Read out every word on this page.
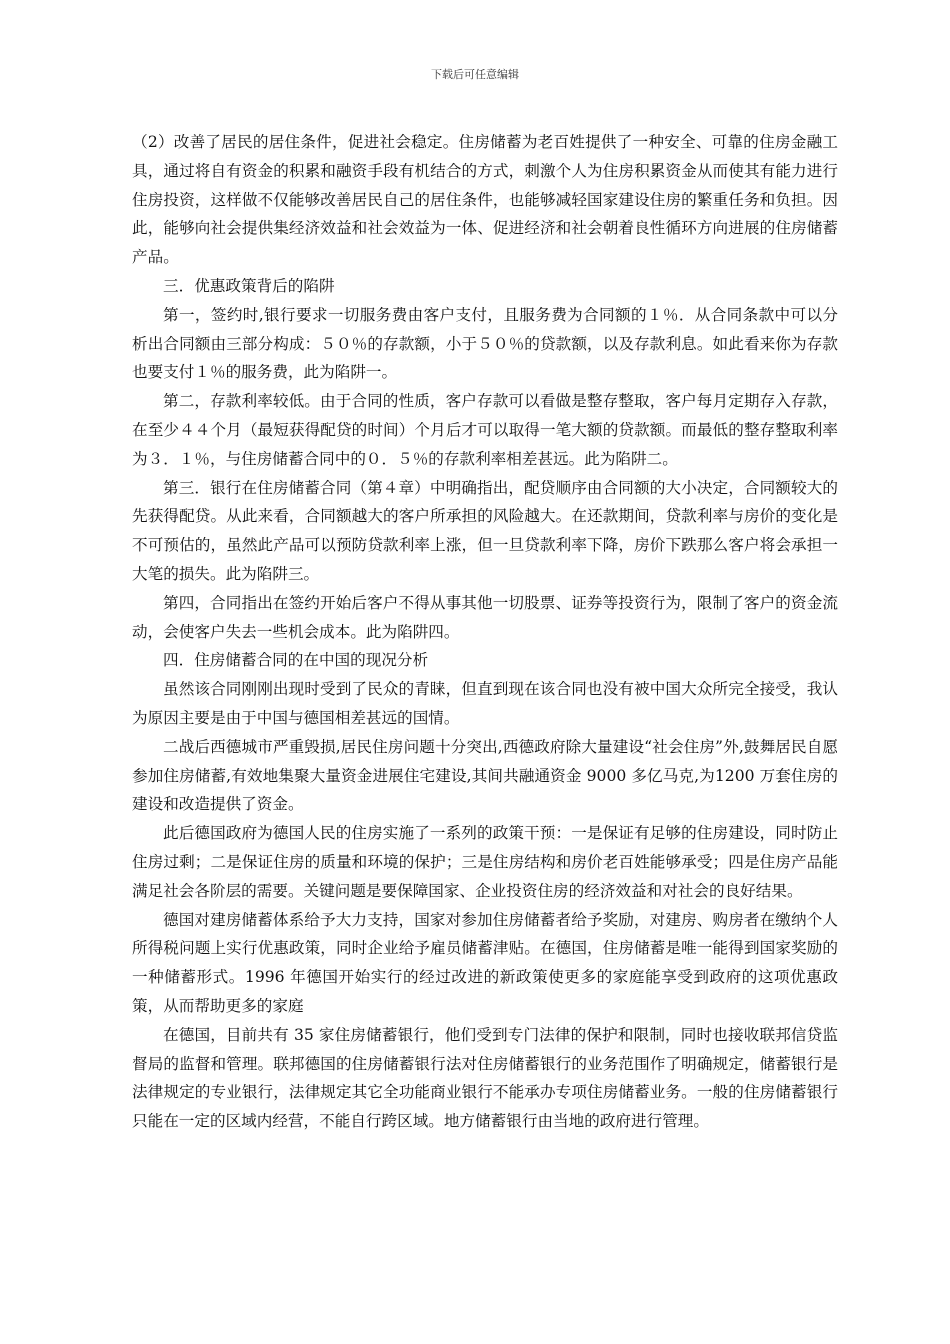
下载后可任意编辑

（2）改善了居民的居住条件，促进社会稳定。住房储蓄为老百姓提供了一种安全、可靠的住房金融工具，通过将自有资金的积累和融资手段有机结合的方式，刺激个人为住房积累资金从而使其有能力进行住房投资，这样做不仅能够改善居民自己的居住条件，也能够减轻国家建设住房的繁重任务和负担。因此，能够向社会提供集经济效益和社会效益为一体、促进经济和社会朝着良性循环方向进展的住房储蓄产品。

三．优惠政策背后的陷阱

第一，签约时,银行要求一切服务费由客户支付，且服务费为合同额的１％．从合同条款中可以分析出合同额由三部分构成：５０％的存款额，小于５０％的贷款额，以及存款利息。如此看来你为存款也要支付１％的服务费，此为陷阱一。

第二，存款利率较低。由于合同的性质，客户存款可以看做是整存整取，客户每月定期存入存款，在至少４４个月（最短获得配贷的时间）个月后才可以取得一笔大额的贷款额。而最低的整存整取利率为３．１％，与住房储蓄合同中的０．５％的存款利率相差甚远。此为陷阱二。

第三．银行在住房储蓄合同（第４章）中明确指出，配贷顺序由合同额的大小决定，合同额较大的先获得配贷。从此来看，合同额越大的客户所承担的风险越大。在还款期间，贷款利率与房价的变化是不可预估的，虽然此产品可以预防贷款利率上涨，但一旦贷款利率下降，房价下跌那么客户将会承担一大笔的损失。此为陷阱三。

第四，合同指出在签约开始后客户不得从事其他一切股票、证券等投资行为，限制了客户的资金流动，会使客户失去一些机会成本。此为陷阱四。

四．住房储蓄合同的在中国的现况分析

虽然该合同刚刚出现时受到了民众的青睐，但直到现在该合同也没有被中国大众所完全接受，我认为原因主要是由于中国与德国相差甚远的国情。

二战后西德城市严重毁损,居民住房问题十分突出,西德政府除大量建设“社会住房”外,鼓舞居民自愿参加住房储蓄,有效地集聚大量资金进展住宅建设,其间共融通资金 9000 多亿马克,为1200 万套住房的建设和改造提供了资金。

此后德国政府为德国人民的住房实施了一系列的政策干预：一是保证有足够的住房建设，同时防止住房过剩；二是保证住房的质量和环境的保护；三是住房结构和房价老百姓能够承受；四是住房产品能满足社会各阶层的需要。关键问题是要保障国家、企业投资住房的经济效益和对社会的良好结果。

德国对建房储蓄体系给予大力支持，国家对参加住房储蓄者给予奖励，对建房、购房者在缴纳个人所得税问题上实行优惠政策，同时企业给予雇员储蓄津贴。在德国，住房储蓄是唯一能得到国家奖励的一种储蓄形式。1996 年德国开始实行的经过改进的新政策使更多的家庭能享受到政府的这项优惠政策，从而帮助更多的家庭

在德国，目前共有 35 家住房储蓄银行，他们受到专门法律的保护和限制，同时也接收联邦信贷监督局的监督和管理。联邦德国的住房储蓄银行法对住房储蓄银行的业务范围作了明确规定，储蓄银行是法律规定的专业银行，法律规定其它全功能商业银行不能承办专项住房储蓄业务。一般的住房储蓄银行只能在一定的区域内经营，不能自行跨区域。地方储蓄银行由当地的政府进行管理。
